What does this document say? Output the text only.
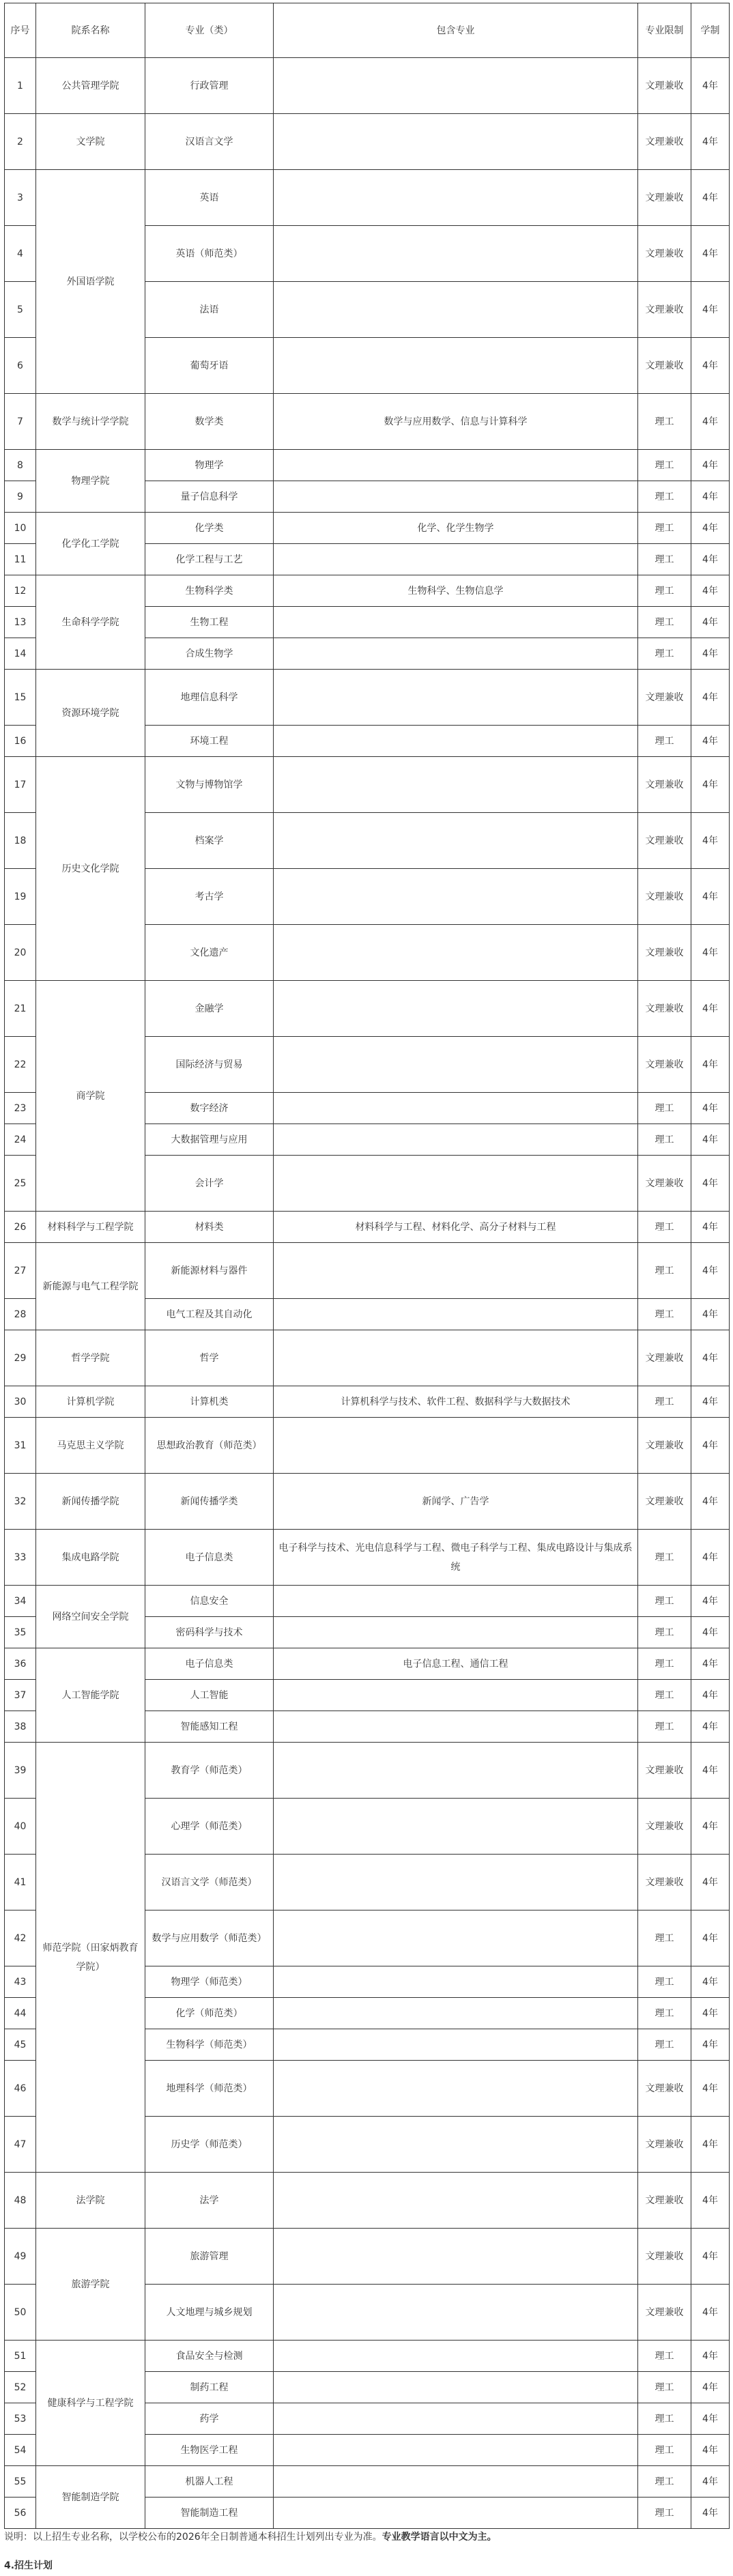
序号	院系名称	专业（类）	包含专业	专业限制	学制
1	公共管理学院	行政管理		文理兼收	4年
2	文学院	汉语言文学		文理兼收	4年
3	外国语学院	英语		文理兼收	4年
4		英语（师范类）		文理兼收	4年
5		法语		文理兼收	4年
6		葡萄牙语		文理兼收	4年
7	数学与统计学学院	数学类	数学与应用数学、信息与计算科学	理工	4年
8	物理学院	物理学		理工	4年
9		量子信息科学		理工	4年
10	化学化工学院	化学类	化学、化学生物学	理工	4年
11		化学工程与工艺		理工	4年
12	生命科学学院	生物科学类	生物科学、生物信息学	理工	4年
13		生物工程		理工	4年
14		合成生物学		理工	4年
15	资源环境学院	地理信息科学		文理兼收	4年
16		环境工程		理工	4年
17	历史文化学院	文物与博物馆学		文理兼收	4年
18		档案学		文理兼收	4年
19		考古学		文理兼收	4年
20		文化遗产		文理兼收	4年
21	商学院	金融学		文理兼收	4年
22		国际经济与贸易		文理兼收	4年
23		数字经济		理工	4年
24		大数据管理与应用		理工	4年
25		会计学		文理兼收	4年
26	材料科学与工程学院	材料类	材料科学与工程、材料化学、高分子材料与工程	理工	4年
27	新能源与电气工程学院	新能源材料与器件		理工	4年
28		电气工程及其自动化		理工	4年
29	哲学学院	哲学		文理兼收	4年
30	计算机学院	计算机类	计算机科学与技术、软件工程、数据科学与大数据技术	理工	4年
31	马克思主义学院	思想政治教育（师范类）		文理兼收	4年
32	新闻传播学院	新闻传播学类	新闻学、广告学	文理兼收	4年
33	集成电路学院	电子信息类	电子科学与技术、光电信息科学与工程、微电子科学与工程、集成电路设计与集成系统	理工	4年
34	网络空间安全学院	信息安全		理工	4年
35		密码科学与技术		理工	4年
36	人工智能学院	电子信息类	电子信息工程、通信工程	理工	4年
37		人工智能		理工	4年
38		智能感知工程		理工	4年
39	师范学院（田家炳教育学院）	教育学（师范类）		文理兼收	4年
40		心理学（师范类）		文理兼收	4年
41		汉语言文学（师范类）		文理兼收	4年
42		数学与应用数学（师范类）		理工	4年
43		物理学（师范类）		理工	4年
44		化学（师范类）		理工	4年
45		生物科学（师范类）		理工	4年
46		地理科学（师范类）		文理兼收	4年
47		历史学（师范类）		文理兼收	4年
48	法学院	法学		文理兼收	4年
49	旅游学院	旅游管理		文理兼收	4年
50		人文地理与城乡规划		文理兼收	4年
51	健康科学与工程学院	食品安全与检测		理工	4年
52		制药工程		理工	4年
53		药学		理工	4年
54		生物医学工程		理工	4年
55	智能制造学院	机器人工程		理工	4年
56		智能制造工程		理工	4年
说明：以上招生专业名称，以学校公布的2026年全日制普通本科招生计划列出专业为准。专业教学语言以中文为主。
4.招生计划
